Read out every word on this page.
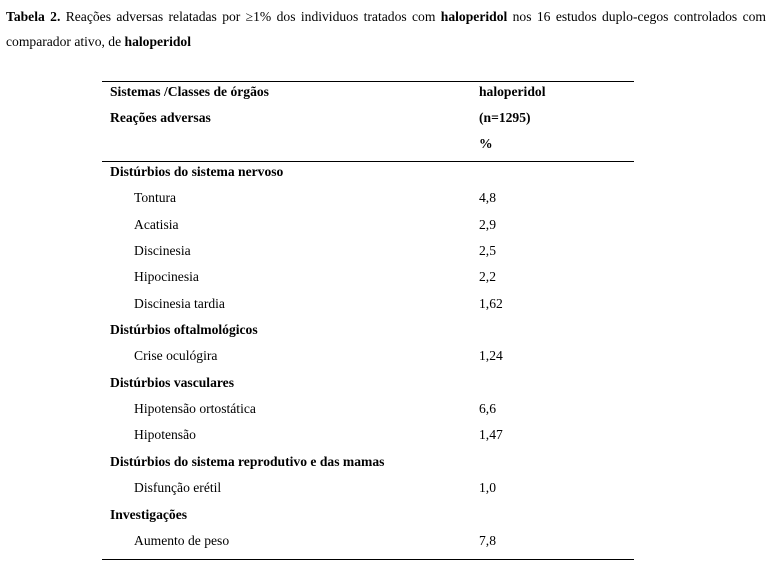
Tabela 2. Reações adversas relatadas por ≥1% dos individuos tratados com haloperidol nos 16 estudos duplo-cegos controlados com comparador ativo, de haloperidol
Sistemas /Classes de órgãos	haloperidol
Reações adversas	(n=1295)
%
Distúrbios do sistema nervoso
Tontura	4,8
Acatisia	2,9
Discinesia	2,5
Hipocinesia	2,2
Discinesia tardia	1,62
Distúrbios oftalmológicos
Crise oculógira	1,24
Distúrbios vasculares
Hipotensão ortostática	6,6
Hipotensão	1,47
Distúrbios do sistema reprodutivo e das mamas
Disfunção erétil	1,0
Investigações
Aumento de peso	7,8
